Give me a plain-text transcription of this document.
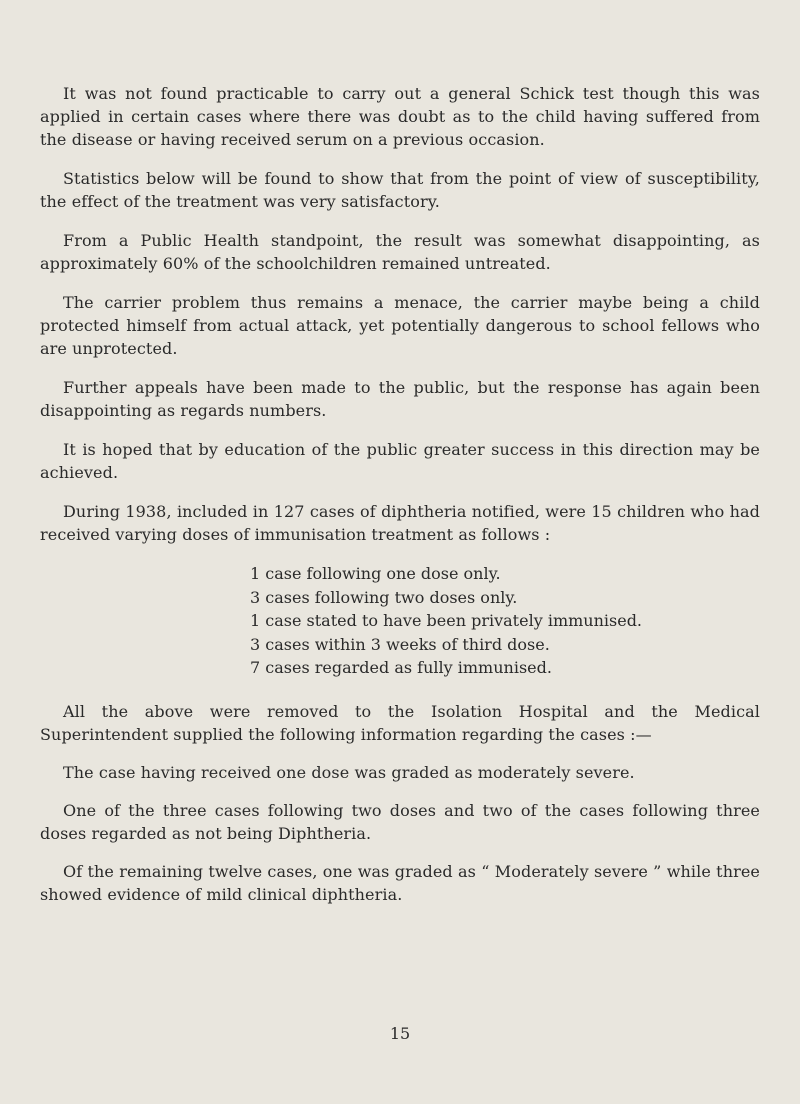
It was not found practicable to carry out a general Schick test though this was applied in certain cases where there was doubt as to the child having suffered from the disease or having received serum on a previous occasion.

Statistics below will be found to show that from the point of view of susceptibility, the effect of the treatment was very satisfactory.

From a Public Health standpoint, the result was somewhat disappointing, as approximately 60% of the schoolchildren remained untreated.

The carrier problem thus remains a menace, the carrier maybe being a child protected himself from actual attack, yet potentially dangerous to school fellows who are unprotected.

Further appeals have been made to the public, but the response has again been disappointing as regards numbers.

It is hoped that by education of the public greater success in this direction may be achieved.

During 1938, included in 127 cases of diphtheria notified, were 15 children who had received varying doses of immunisation treatment as follows :

1 case following one dose only.
3 cases following two doses only.
1 case stated to have been privately immunised.
3 cases within 3 weeks of third dose.
7 cases regarded as fully immunised.

All the above were removed to the Isolation Hospital and the Medical Superintendent supplied the following information regarding the cases :—

The case having received one dose was graded as moderately severe.

One of the three cases following two doses and two of the cases following three doses regarded as not being Diphtheria.

Of the remaining twelve cases, one was graded as “ Moderately severe ” while three showed evidence of mild clinical diphtheria.

15
